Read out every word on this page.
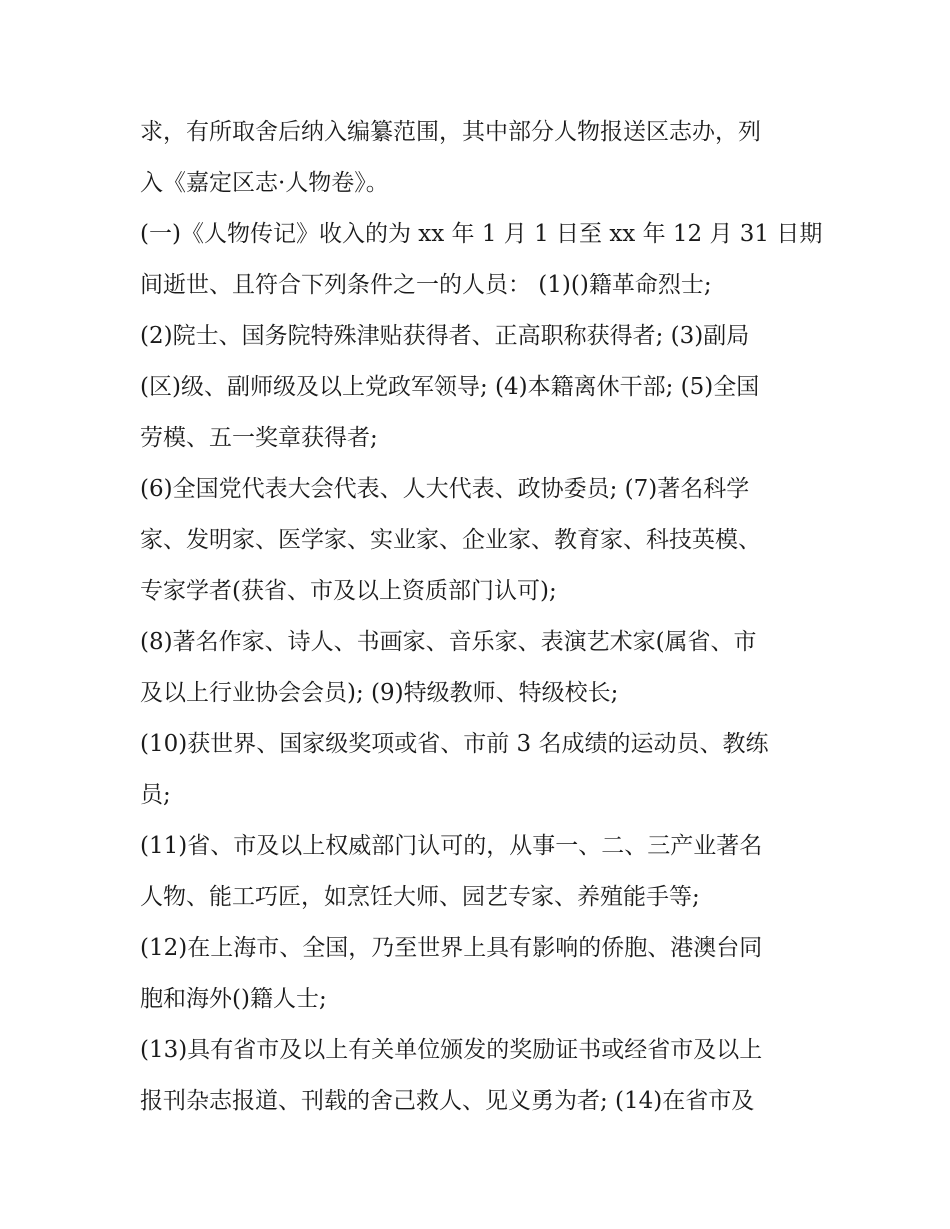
求，有所取舍后纳入编纂范围，其中部分人物报送区志办，列
入《嘉定区志·人物卷》。
(一)《人物传记》收入的为 xx 年 1 月 1 日至 xx 年 12 月 31 日期
间逝世、且符合下列条件之一的人员： (1)()籍革命烈士;
(2)院士、国务院特殊津贴获得者、正高职称获得者; (3)副局
(区)级、副师级及以上党政军领导; (4)本籍离休干部; (5)全国
劳模、五一奖章获得者;
(6)全国党代表大会代表、人大代表、政协委员; (7)著名科学
家、发明家、医学家、实业家、企业家、教育家、科技英模、
专家学者(获省、市及以上资质部门认可);
(8)著名作家、诗人、书画家、音乐家、表演艺术家(属省、市
及以上行业协会会员); (9)特级教师、特级校长;
(10)获世界、国家级奖项或省、市前 3 名成绩的运动员、教练
员;
(11)省、市及以上权威部门认可的，从事一、二、三产业著名
人物、能工巧匠，如烹饪大师、园艺专家、养殖能手等;
(12)在上海市、全国，乃至世界上具有影响的侨胞、港澳台同
胞和海外()籍人士;
(13)具有省市及以上有关单位颁发的奖励证书或经省市及以上
报刊杂志报道、刊载的舍己救人、见义勇为者; (14)在省市及
